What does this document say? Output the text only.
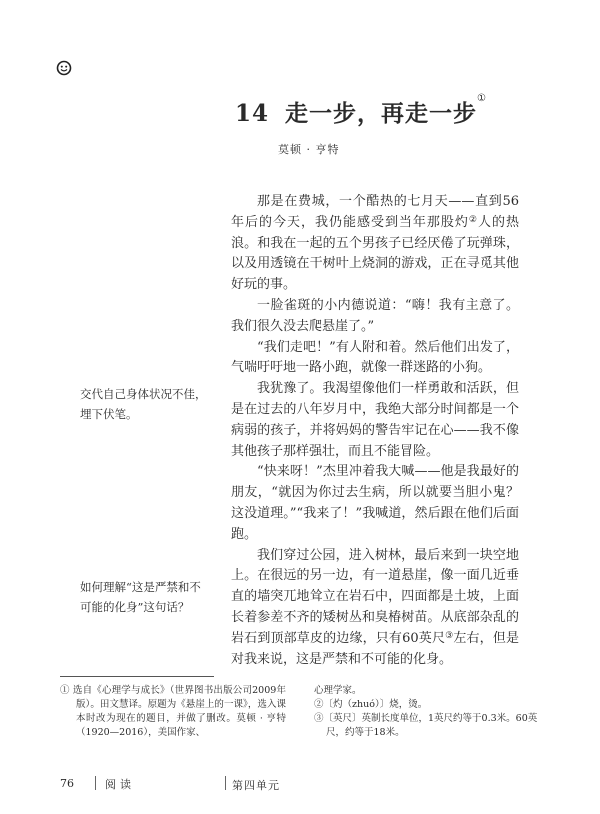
14 走一步，再走一步①
莫顿 · 亨特

那是在费城，一个酷热的七月天——直到56年后的今天，我仍能感受到当年那股灼②人的热浪。和我在一起的五个男孩子已经厌倦了玩弹珠，以及用透镜在干树叶上烧洞的游戏，正在寻觅其他好玩的事。

一脸雀斑的小内德说道：“嗨！我有主意了。我们很久没去爬悬崖了。”

“我们走吧！”有人附和着。然后他们出发了，气喘吁吁地一路小跑，就像一群迷路的小狗。

我犹豫了。我渴望像他们一样勇敢和活跃，但是在过去的八年岁月中，我绝大部分时间都是一个病弱的孩子，并将妈妈的警告牢记在心——我不像其他孩子那样强壮，而且不能冒险。

“快来呀！”杰里冲着我大喊——他是我最好的朋友，“就因为你过去生病，所以就要当胆小鬼？这没道理。”“我来了！”我喊道，然后跟在他们后面跑。

我们穿过公园，进入树林，最后来到一块空地上。在很远的另一边，有一道悬崖，像一面几近垂直的墙突兀地耸立在岩石中，四面都是土坡，上面长着参差不齐的矮树丛和臭椿树苗。从底部杂乱的岩石到顶部草皮的边缘，只有60英尺③左右，但是对我来说，这是严禁和不可能的化身。

交代自己身体状况不佳，埋下伏笔。
如何理解“这是严禁和不可能的化身”这句话？

① 选自《心理学与成长》（世界图书出版公司2009年版）。田文慧译。原题为《悬崖上的一课》，选入课本时改为现在的题目，并做了删改。莫顿 · 亨特（1920—2016），美国作家、

心理学家。

②〔灼（zhuó）〕烧，烫。

③〔英尺〕英制长度单位，1英尺约等于0.3米。60英尺，约等于18米。

76	阅读	第四单元
